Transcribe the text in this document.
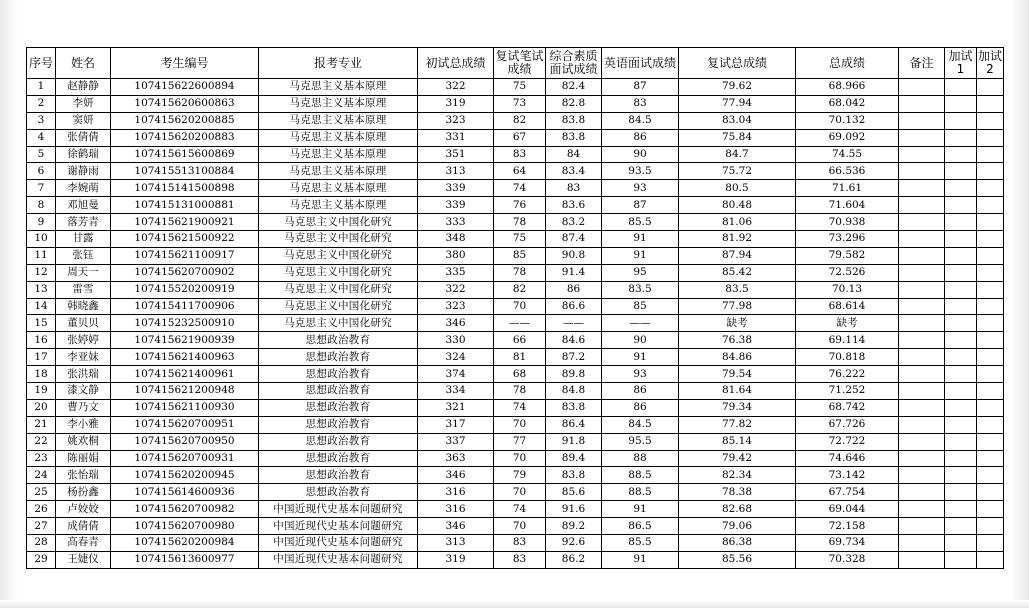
序号	姓名	考生编号	报考专业	初试总成绩	复试笔试成绩	综合素质面试成绩	英语面试成绩	复试总成绩	总成绩	备注	加试1	加试2
1	赵静静	107415622600894	马克思主义基本原理	322	75	82.4	87	79.62	68.966			
2	李妍	107415620600863	马克思主义基本原理	319	73	82.8	83	77.94	68.042			
3	窦妍	107415620200885	马克思主义基本原理	323	82	83.8	84.5	83.04	70.132			
4	张倩倩	107415620200883	马克思主义基本原理	331	67	83.8	86	75.84	69.092			
5	徐鹤瑞	107415615600869	马克思主义基本原理	351	83	84	90	84.7	74.55			
6	谢静雨	107415513100884	马克思主义基本原理	313	64	83.4	93.5	75.72	66.536			
7	李婉萌	107415141500898	马克思主义基本原理	339	74	83	93	80.5	71.61			
8	邓旭曼	107415131000881	马克思主义基本原理	339	76	83.6	87	80.48	71.604			
9	落芳青	107415621900921	马克思主义中国化研究	333	78	83.2	85.5	81.06	70.938			
10	甘露	107415621500922	马克思主义中国化研究	348	75	87.4	91	81.92	73.296			
11	张钰	107415621100917	马克思主义中国化研究	380	85	90.8	91	87.94	79.582			
12	周天一	107415620700902	马克思主义中国化研究	335	78	91.4	95	85.42	72.526			
13	雷雪	107415520200919	马克思主义中国化研究	322	82	86	83.5	83.5	70.13			
14	韩晓鑫	107415411700906	马克思主义中国化研究	323	70	86.6	85	77.98	68.614			
15	董贝贝	107415232500910	马克思主义中国化研究	346	——	——	——	缺考	缺考			
16	张婷婷	107415621900939	思想政治教育	330	66	84.6	90	76.38	69.114			
17	李亚妹	107415621400963	思想政治教育	324	81	87.2	91	84.86	70.818			
18	张洪瑞	107415621400961	思想政治教育	374	68	89.8	93	79.54	76.222			
19	漆文静	107415621200948	思想政治教育	334	78	84.8	86	81.64	71.252			
20	曹乃文	107415621100930	思想政治教育	321	74	83.8	86	79.34	68.742			
21	李小雅	107415620700951	思想政治教育	317	70	86.4	84.5	77.82	67.726			
22	姚欢桐	107415620700950	思想政治教育	337	77	91.8	95.5	85.14	72.722			
23	陈丽娟	107415620700931	思想政治教育	363	70	89.4	88	79.42	74.646			
24	张怡瑞	107415620200945	思想政治教育	346	79	83.8	88.5	82.34	73.142			
25	杨扮鑫	107415614600936	思想政治教育	316	70	85.6	88.5	78.38	67.754			
26	卢姣姣	107415620700982	中国近现代史基本问题研究	316	74	91.6	91	82.68	69.044			
27	成倩倩	107415620700980	中国近现代史基本问题研究	346	70	89.2	86.5	79.06	72.158			
28	高春青	107415620200984	中国近现代史基本问题研究	313	83	92.6	85.5	86.38	69.734			
29	王婕仪	107415613600977	中国近现代史基本问题研究	319	83	86.2	91	85.56	70.328			
